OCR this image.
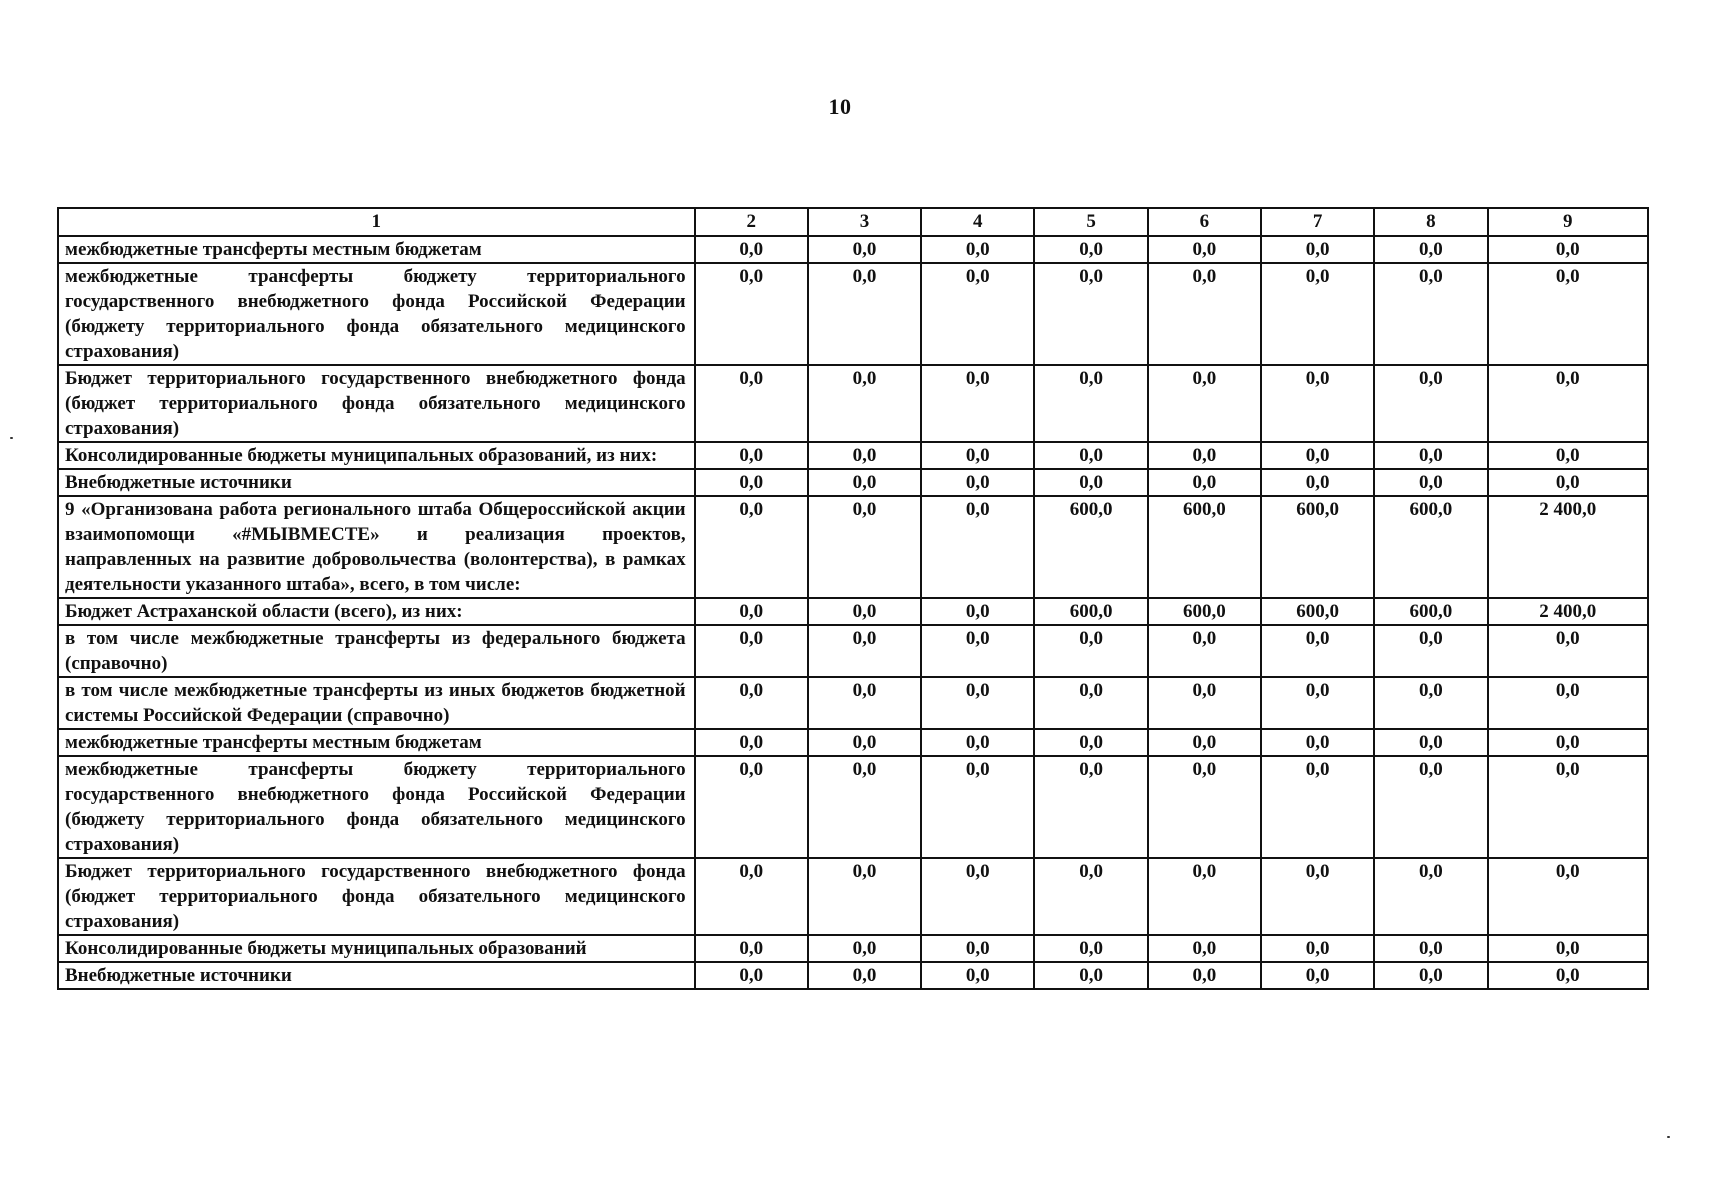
10
1	2	3	4	5	6	7	8	9
межбюджетные трансферты местным бюджетам	0,0	0,0	0,0	0,0	0,0	0,0	0,0	0,0
межбюджетные трансферты бюджету территориального государственного внебюджетного фонда Российской Федерации (бюджету территориального фонда обязательного медицинского страхования)	0,0	0,0	0,0	0,0	0,0	0,0	0,0	0,0
Бюджет территориального государственного внебюджетного фонда (бюджет территориального фонда обязательного медицинского страхования)	0,0	0,0	0,0	0,0	0,0	0,0	0,0	0,0
Консолидированные бюджеты муниципальных образований, из них:	0,0	0,0	0,0	0,0	0,0	0,0	0,0	0,0
Внебюджетные источники	0,0	0,0	0,0	0,0	0,0	0,0	0,0	0,0
9 «Организована работа регионального штаба Общероссийской акции взаимопомощи «#МЫВМЕСТЕ» и реализация проектов, направленных на развитие добровольчества (волонтерства), в рамках деятельности указанного штаба», всего, в том числе:	0,0	0,0	0,0	600,0	600,0	600,0	600,0	2 400,0
Бюджет Астраханской области (всего), из них:	0,0	0,0	0,0	600,0	600,0	600,0	600,0	2 400,0
в том числе межбюджетные трансферты из федерального бюджета (справочно)	0,0	0,0	0,0	0,0	0,0	0,0	0,0	0,0
в том числе межбюджетные трансферты из иных бюджетов бюджетной системы Российской Федерации (справочно)	0,0	0,0	0,0	0,0	0,0	0,0	0,0	0,0
межбюджетные трансферты местным бюджетам	0,0	0,0	0,0	0,0	0,0	0,0	0,0	0,0
межбюджетные трансферты бюджету территориального государственного внебюджетного фонда Российской Федерации (бюджету территориального фонда обязательного медицинского страхования)	0,0	0,0	0,0	0,0	0,0	0,0	0,0	0,0
Бюджет территориального государственного внебюджетного фонда (бюджет территориального фонда обязательного медицинского страхования)	0,0	0,0	0,0	0,0	0,0	0,0	0,0	0,0
Консолидированные бюджеты муниципальных образований	0,0	0,0	0,0	0,0	0,0	0,0	0,0	0,0
Внебюджетные источники	0,0	0,0	0,0	0,0	0,0	0,0	0,0	0,0
